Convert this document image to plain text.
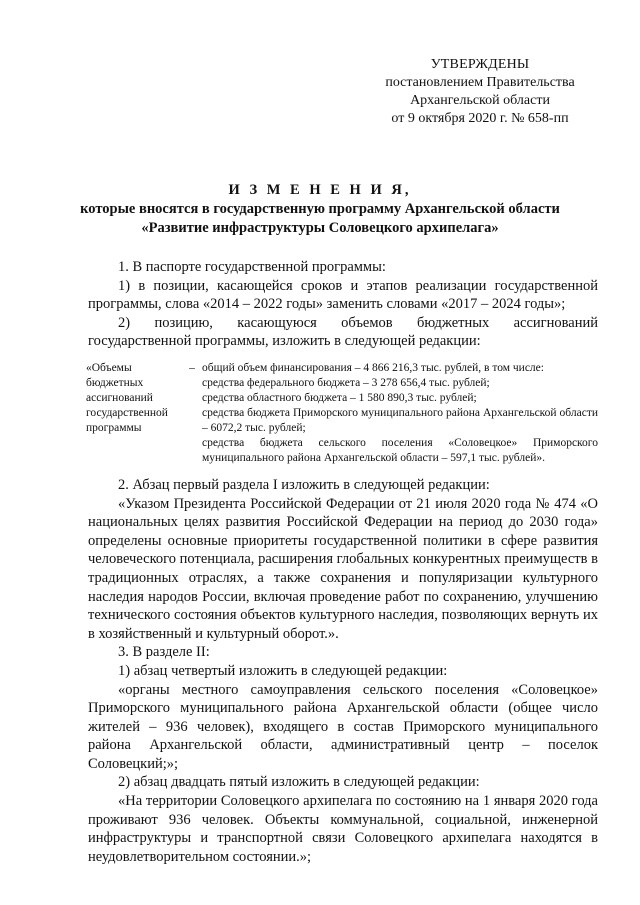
УТВЕРЖДЕНЫ
постановлением Правительства
Архангельской области
от 9 октября 2020 г. № 658-пп
И З М Е Н Е Н И Я,
которые вносятся в государственную программу Архангельской области
«Развитие инфраструктуры Соловецкого архипелага»

1. В паспорте государственной программы:

1) в позиции, касающейся сроков и этапов реализации государственной программы, слова «2014 – 2022 годы» заменить словами «2017 – 2024 годы»;

2) позицию, касающуюся объемов бюджетных ассигнований государственной программы, изложить в следующей редакции:

«Объемы бюджетных ассигнований государственной программы
– общий объем финансирования – 4 866 216,3 тыс. рублей, в том числе:
средства федерального бюджета – 3 278 656,4 тыс. рублей;
средства областного бюджета – 1 580 890,3 тыс. рублей;
средства бюджета Приморского муниципального района Архангельской области – 6072,2 тыс. рублей;
средства бюджета сельского поселения «Соловецкое» Приморского муниципального района Архангельской области – 597,1 тыс. рублей».

2. Абзац первый раздела I изложить в следующей редакции:

«Указом Президента Российской Федерации от 21 июля 2020 года № 474 «О национальных целях развития Российской Федерации на период до 2030 года» определены основные приоритеты государственной политики в сфере развития человеческого потенциала, расширения глобальных конкурентных преимуществ в традиционных отраслях, а также сохранения и популяризации культурного наследия народов России, включая проведение работ по сохранению, улучшению технического состояния объектов культурного наследия, позволяющих вернуть их в хозяйственный и культурный оборот.».

3. В разделе II:

1) абзац четвертый изложить в следующей редакции:

«органы местного самоуправления сельского поселения «Соловецкое» Приморского муниципального района Архангельской области (общее число жителей – 936 человек), входящего в состав Приморского муниципального района Архангельской области, административный центр – поселок Соловецкий;»;

2) абзац двадцать пятый изложить в следующей редакции:

«На территории Соловецкого архипелага по состоянию на 1 января 2020 года проживают 936 человек. Объекты коммунальной, социальной, инженерной инфраструктуры и транспортной связи Соловецкого архипелага находятся в неудовлетворительном состоянии.»;
